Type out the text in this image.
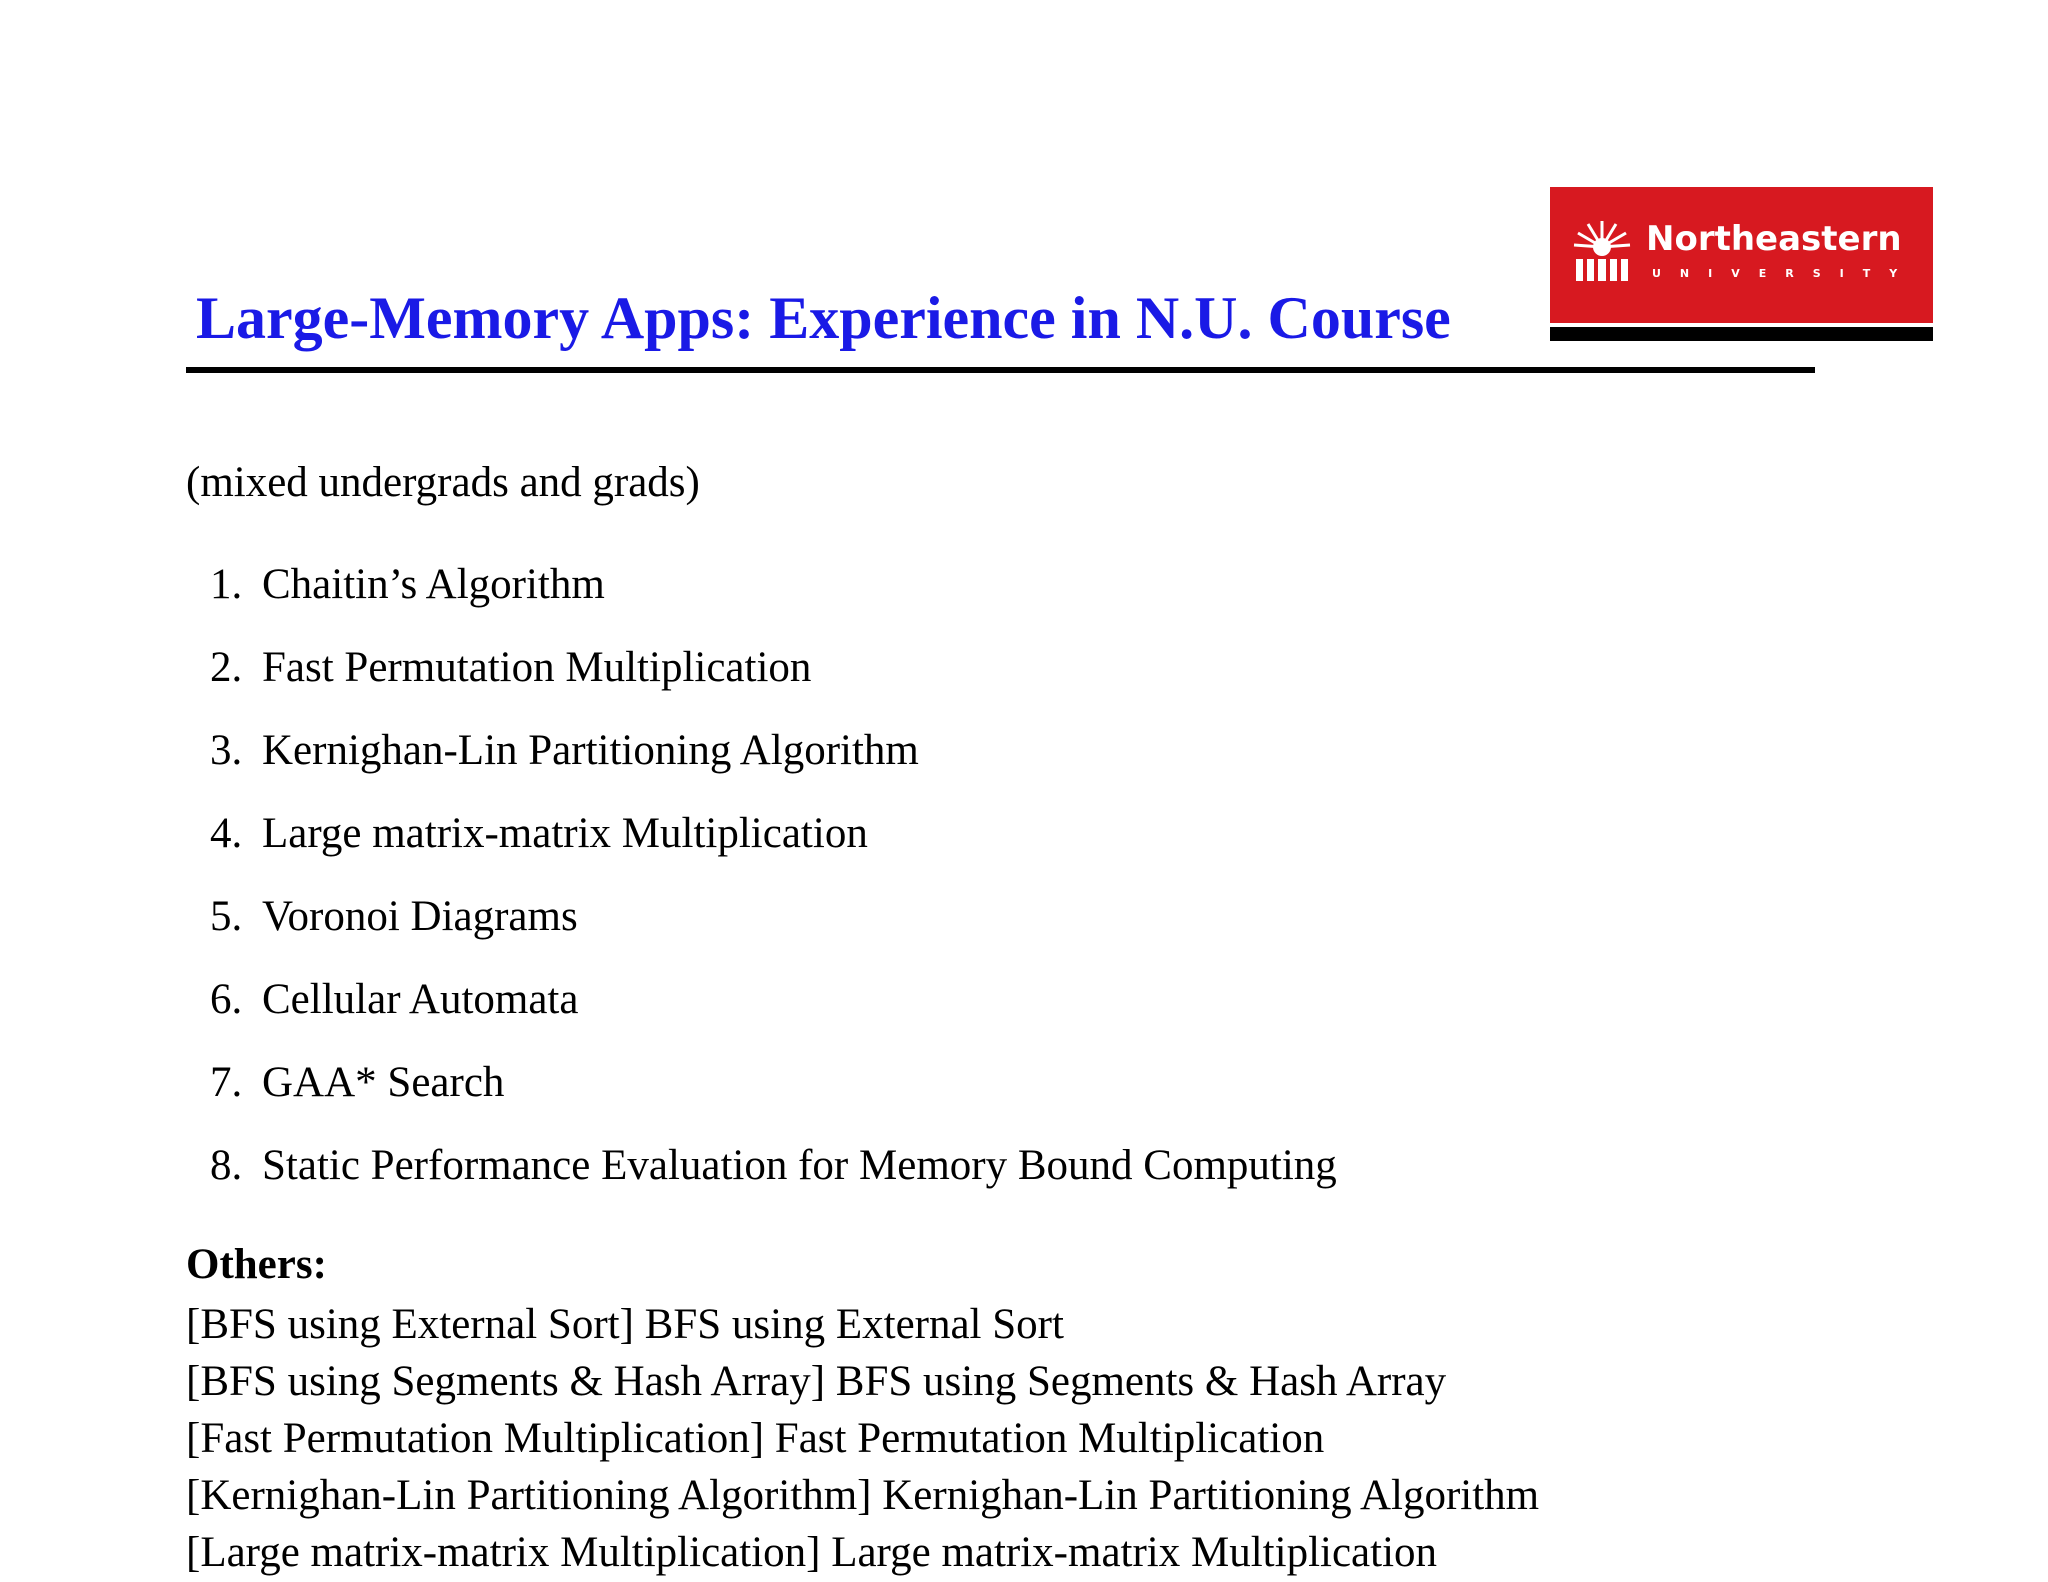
Large-Memory Apps: Experience in N.U. Course
Northeastern
UNIVERSITY
(mixed undergrads and grads)
1. Chaitin’s Algorithm
2. Fast Permutation Multiplication
3. Kernighan-Lin Partitioning Algorithm
4. Large matrix-matrix Multiplication
5. Voronoi Diagrams
6. Cellular Automata
7. GAA* Search
8. Static Performance Evaluation for Memory Bound Computing
Others:
[BFS using External Sort] BFS using External Sort
[BFS using Segments & Hash Array] BFS using Segments & Hash Array
[Fast Permutation Multiplication] Fast Permutation Multiplication
[Kernighan-Lin Partitioning Algorithm] Kernighan-Lin Partitioning Algorithm
[Large matrix-matrix Multiplication] Large matrix-matrix Multiplication
